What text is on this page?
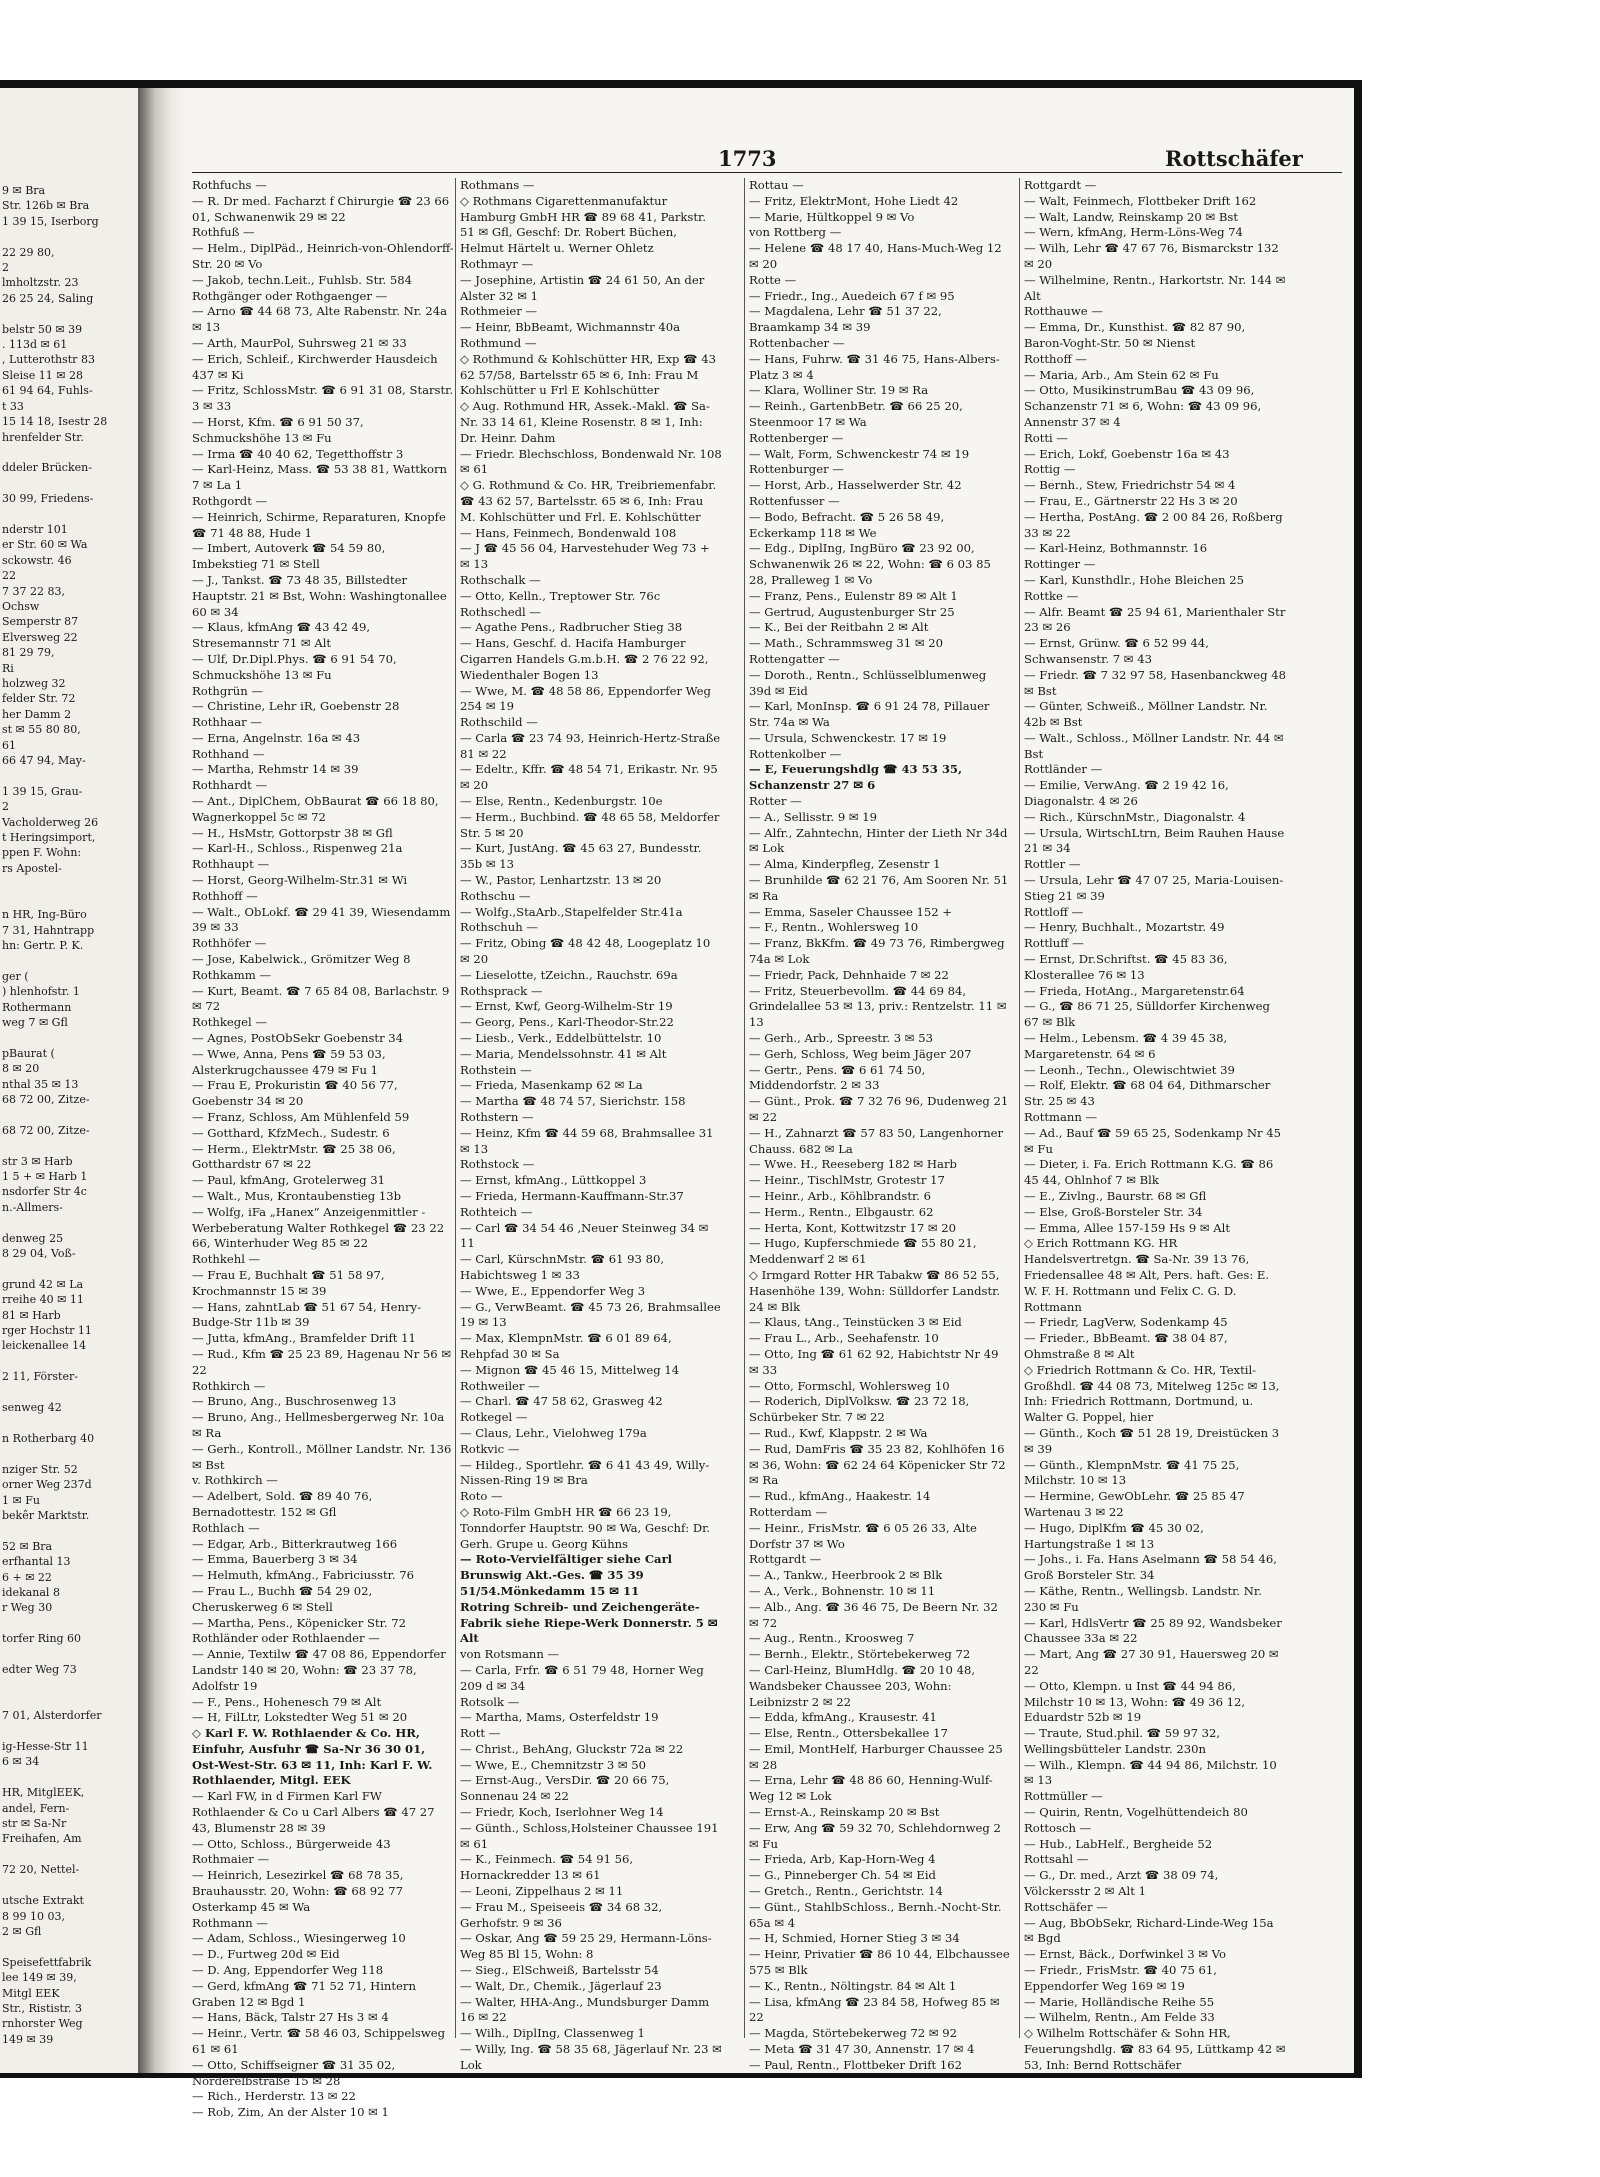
9 ✉ Bra
Str. 126b ✉ Bra
1 39 15, Iserborg

22 29 80,
2
lmholtzstr. 23
26 25 24, Saling

belstr 50 ✉ 39
. 113d ✉ 61
, Lutterothstr 83
Sleise 11 ✉ 28
61 94 64, Fuhls-
t 33
15 14 18, Isestr 28
hrenfelder Str.

ddeler Brücken-

30 99, Friedens-

nderstr 101
er Str. 60 ✉ Wa
sckowstr. 46
22
7 37 22 83,
Ochsw
Semperstr 87
Elversweg 22
81 29 79,
Ri
holzweg 32
felder Str. 72
her Damm 2
st ✉ 55 80 80,
61
66 47 94, May-

1 39 15, Grau-
2
Vacholderweg 26
t Heringsimport,
ppen F. Wohn:
rs Apostel-

n HR, Ing-Büro
7 31, Hahntrapp
hn: Gertr. P. K.

ger (
) hlenhofstr. 1
Rothermann
weg 7 ✉ Gfl

pBaurat (
8 ✉ 20
nthal 35 ✉ 13
68 72 00, Zitze-

68 72 00, Zitze-

str 3 ✉ Harb
1 5 + ✉ Harb 1
nsdorfer Str 4c
n.-Allmers-

denweg 25
8 29 04, Voß-

grund 42 ✉ La
rreihe 40 ✉ 11
81 ✉ Harb
rger Hochstr 11
leickenallee 14

2 11, Förster-

senweg 42

n Rotherbarg 40

nziger Str. 52
orner Weg 237d
1 ✉ Fu
bekêr Marktstr.

52 ✉ Bra
erfhantal 13
6 + ✉ 22
idekanal 8
r Weg 30

torfer Ring 60

edter Weg 73

7 01, Alsterdorfer

ig-Hesse-Str 11
6 ✉ 34

HR, MitglEEK,
andel, Fern-
str ✉ Sa-Nr
Freihafen, Am

72 20, Nettel-

utsche Extrakt
8 99 10 03,
2 ✉ Gfl

Speisefettfabrik
lee 149 ✉ 39,
Mitgl EEK
Str., Rististr. 3
rnhorster Weg
149 ✉ 39
1773	Rottschäfer
Rothfuchs —
— R. Dr med. Facharzt f Chirurgie ☎ 23 66 01, Schwanenwik 29 ✉ 22
Rothfuß —
— Helm., DiplPäd., Heinrich-von-Ohlendorff-Str. 20 ✉ Vo
— Jakob, techn.Leit., Fuhlsb. Str. 584
Rothgänger oder Rothgaenger —
— Arno ☎ 44 68 73, Alte Rabenstr. Nr. 24a ✉ 13
— Arth, MaurPol, Suhrsweg 21 ✉ 33
— Erich, Schleif., Kirchwerder Hausdeich 437 ✉ Ki
— Fritz, SchlossMstr. ☎ 6 91 31 08, Starstr. 3 ✉ 33
— Horst, Kfm. ☎ 6 91 50 37, Schmuckshöhe 13 ✉ Fu
— Irma ☎ 40 40 62, Tegetthoffstr 3
— Karl-Heinz, Mass. ☎ 53 38 81, Wattkorn 7 ✉ La 1
Rothgordt —
— Heinrich, Schirme, Reparaturen, Knopfe ☎ 71 48 88, Hude 1
— Imbert, Autoverk ☎ 54 59 80, Imbekstieg 71 ✉ Stell
— J., Tankst. ☎ 73 48 35, Billstedter Hauptstr. 21 ✉ Bst, Wohn: Washingtonallee 60 ✉ 34
— Klaus, kfmAng ☎ 43 42 49, Stresemannstr 71 ✉ Alt
— Ulf, Dr.Dipl.Phys. ☎ 6 91 54 70, Schmuckshöhe 13 ✉ Fu
Rothgrün —
— Christine, Lehr iR, Goebenstr 28
Rothhaar —
— Erna, Angelnstr. 16a ✉ 43
Rothhand —
— Martha, Rehmstr 14 ✉ 39
Rothhardt —
— Ant., DiplChem, ObBaurat ☎ 66 18 80, Wagnerkoppel 5c ✉ 72
— H., HsMstr, Gottorpstr 38 ✉ Gfl
— Karl-H., Schloss., Rispenweg 21a
Rothhaupt —
— Horst, Georg-Wilhelm-Str.31 ✉ Wi
Rothhoff —
— Walt., ObLokf. ☎ 29 41 39, Wiesendamm 39 ✉ 33
Rothhöfer —
— Jose, Kabelwick., Grömitzer Weg 8
Rothkamm —
— Kurt, Beamt. ☎ 7 65 84 08, Barlachstr. 9 ✉ 72
Rothkegel —
— Agnes, PostObSekr Goebenstr 34
— Wwe, Anna, Pens ☎ 59 53 03, Alsterkrugchaussee 479 ✉ Fu 1
— Frau E, Prokuristin ☎ 40 56 77, Goebenstr 34 ✉ 20
— Franz, Schloss, Am Mühlenfeld 59
— Gotthard, KfzMech., Sudestr. 6
— Herm., ElektrMstr. ☎ 25 38 06, Gotthardstr 67 ✉ 22
— Paul, kfmAng, Grotelerweg 31
— Walt., Mus, Krontaubenstieg 13b
— Wolfg, iFa „Hanex“ Anzeigenmittler - Werbeberatung Walter Rothkegel ☎ 23 22 66, Winterhuder Weg 85 ✉ 22
Rothkehl —
— Frau E, Buchhalt ☎ 51 58 97, Krochmannstr 15 ✉ 39
— Hans, zahntLab ☎ 51 67 54, Henry-Budge-Str 11b ✉ 39
— Jutta, kfmAng., Bramfelder Drift 11
— Rud., Kfm ☎ 25 23 89, Hagenau Nr 56 ✉ 22
Rothkirch —
— Bruno, Ang., Buschrosenweg 13
— Bruno, Ang., Hellmesbergerweg Nr. 10a ✉ Ra
— Gerh., Kontroll., Möllner Landstr. Nr. 136 ✉ Bst
v. Rothkirch —
— Adelbert, Sold. ☎ 89 40 76, Bernadottestr. 152 ✉ Gfl
Rothlach —
— Edgar, Arb., Bitterkrautweg 166
— Emma, Bauerberg 3 ✉ 34
— Helmuth, kfmAng., Fabriciusstr. 76
— Frau L., Buchh ☎ 54 29 02, Cheruskerweg 6 ✉ Stell
— Martha, Pens., Köpenicker Str. 72
Rothländer oder Rothlaender —
— Annie, Textilw ☎ 47 08 86, Eppendorfer Landstr 140 ✉ 20, Wohn: ☎ 23 37 78, Adolfstr 19
— F., Pens., Hohenesch 79 ✉ Alt
— H, FilLtr, Lokstedter Weg 51 ✉ 20
◇ Karl F. W. Rothlaender & Co. HR, Einfuhr, Ausfuhr ☎ Sa-Nr 36 30 01, Ost-West-Str. 63 ✉ 11, Inh: Karl F. W. Rothlaender, Mitgl. EEK
— Karl FW, in d Firmen Karl FW Rothlaender & Co u Carl Albers ☎ 47 27 43, Blumenstr 28 ✉ 39
— Otto, Schloss., Bürgerweide 43
Rothmaier —
— Heinrich, Lesezirkel ☎ 68 78 35, Brauhausstr. 20, Wohn: ☎ 68 92 77 Osterkamp 45 ✉ Wa
Rothmann —
— Adam, Schloss., Wiesingerweg 10
— D., Furtweg 20d ✉ Eid
— D. Ang, Eppendorfer Weg 118
— Gerd, kfmAng ☎ 71 52 71, Hintern Graben 12 ✉ Bgd 1
— Hans, Bäck, Talstr 27 Hs 3 ✉ 4
— Heinr., Vertr. ☎ 58 46 03, Schippelsweg 61 ✉ 61
— Otto, Schiffseigner ☎ 31 35 02, Norderelbstraße 15 ✉ 28
— Rich., Herderstr. 13 ✉ 22
— Rob, Zim, An der Alster 10 ✉ 1
Rothmans —
◇ Rothmans Cigarettenmanufaktur Hamburg GmbH HR ☎ 89 68 41, Parkstr. 51 ✉ Gfl, Geschf: Dr. Robert Büchen, Helmut Härtelt u. Werner Ohletz
Rothmayr —
— Josephine, Artistin ☎ 24 61 50, An der Alster 32 ✉ 1
Rothmeier —
— Heinr, BbBeamt, Wichmannstr 40a
Rothmund —
◇ Rothmund & Kohlschütter HR, Exp ☎ 43 62 57/58, Bartelsstr 65 ✉ 6, Inh: Frau M Kohlschütter u Frl E Kohlschütter
◇ Aug. Rothmund HR, Assek.-Makl. ☎ Sa-Nr. 33 14 61, Kleine Rosenstr. 8 ✉ 1, Inh: Dr. Heinr. Dahm
— Friedr. Blechschloss, Bondenwald Nr. 108 ✉ 61
◇ G. Rothmund & Co. HR, Treibriemenfabr. ☎ 43 62 57, Bartelsstr. 65 ✉ 6, Inh: Frau M. Kohlschütter und Frl. E. Kohlschütter
— Hans, Feinmech, Bondenwald 108
— J ☎ 45 56 04, Harvestehuder Weg 73 + ✉ 13
Rothschalk —
— Otto, Kelln., Treptower Str. 76c
Rothschedl —
— Agathe Pens., Radbrucher Stieg 38
— Hans, Geschf. d. Hacifa Hamburger Cigarren Handels G.m.b.H. ☎ 2 76 22 92, Wiedenthaler Bogen 13
— Wwe, M. ☎ 48 58 86, Eppendorfer Weg 254 ✉ 19
Rothschild —
— Carla ☎ 23 74 93, Heinrich-Hertz-Straße 81 ✉ 22
— Edeltr., Kffr. ☎ 48 54 71, Erikastr. Nr. 95 ✉ 20
— Else, Rentn., Kedenburgstr. 10e
— Herm., Buchbind. ☎ 48 65 58, Meldorfer Str. 5 ✉ 20
— Kurt, JustAng. ☎ 45 63 27, Bundesstr. 35b ✉ 13
— W., Pastor, Lenhartzstr. 13 ✉ 20
Rothschu —
— Wolfg.,StaArb.,Stapelfelder Str.41a
Rothschuh —
— Fritz, Obing ☎ 48 42 48, Loogeplatz 10 ✉ 20
— Lieselotte, tZeichn., Rauchstr. 69a
Rothsprack —
— Ernst, Kwf, Georg-Wilhelm-Str 19
— Georg, Pens., Karl-Theodor-Str.22
— Liesb., Verk., Eddelbüttelstr. 10
— Maria, Mendelssohnstr. 41 ✉ Alt
Rothstein —
— Frieda, Masenkamp 62 ✉ La
— Martha ☎ 48 74 57, Sierichstr. 158
Rothstern —
— Heinz, Kfm ☎ 44 59 68, Brahmsallee 31 ✉ 13
Rothstock —
— Ernst, kfmAng., Lüttkoppel 3
— Frieda, Hermann-Kauffmann-Str.37
Rothteich —
— Carl ☎ 34 54 46 ,Neuer Steinweg 34 ✉ 11
— Carl, KürschnMstr. ☎ 61 93 80, Habichtsweg 1 ✉ 33
— Wwe, E., Eppendorfer Weg 3
— G., VerwBeamt. ☎ 45 73 26, Brahmsallee 19 ✉ 13
— Max, KlempnMstr. ☎ 6 01 89 64, Rehpfad 30 ✉ Sa
— Mignon ☎ 45 46 15, Mittelweg 14
Rothweiler —
— Charl. ☎ 47 58 62, Grasweg 42
Rotkegel —
— Claus, Lehr., Vielohweg 179a
Rotkvic —
— Hildeg., Sportlehr. ☎ 6 41 43 49, Willy-Nissen-Ring 19 ✉ Bra
Roto —
◇ Roto-Film GmbH HR ☎ 66 23 19, Tonndorfer Hauptstr. 90 ✉ Wa, Geschf: Dr. Gerh. Grupe u. Georg Kühns
— Roto-Vervielfältiger siehe Carl Brunswig Akt.-Ges. ☎ 35 39 51/54.Mönkedamm 15 ✉ 11
Rotring Schreib- und Zeichengeräte-Fabrik siehe Riepe-Werk Donnerstr. 5 ✉ Alt
von Rotsmann —
— Carla, Frfr. ☎ 6 51 79 48, Horner Weg 209 d ✉ 34
Rotsolk —
— Martha, Mams, Osterfeldstr 19
Rott —
— Christ., BehAng, Gluckstr 72a ✉ 22
— Wwe, E., Chemnitzstr 3 ✉ 50
— Ernst-Aug., VersDir. ☎ 20 66 75, Sonnenau 24 ✉ 22
— Friedr, Koch, Iserlohner Weg 14
— Günth., Schloss,Holsteiner Chaussee 191 ✉ 61
— K., Feinmech. ☎ 54 91 56, Hornackredder 13 ✉ 61
— Leoni, Zippelhaus 2 ✉ 11
— Frau M., Speiseeis ☎ 34 68 32, Gerhofstr. 9 ✉ 36
— Oskar, Ang ☎ 59 25 29, Hermann-Löns-Weg 85 Bl 15, Wohn: 8
— Sieg., ElSchweiß, Bartelsstr 54
— Walt, Dr., Chemik., Jägerlauf 23
— Walter, HHA-Ang., Mundsburger Damm 16 ✉ 22
— Wilh., DiplIng, Classenweg 1
— Willy, Ing. ☎ 58 35 68, Jägerlauf Nr. 23 ✉ Lok
Rottau —
— Fritz, ElektrMont, Hohe Liedt 42
— Marie, Hültkoppel 9 ✉ Vo
von Rottberg —
— Helene ☎ 48 17 40, Hans-Much-Weg 12 ✉ 20
Rotte —
— Friedr., Ing., Auedeich 67 f ✉ 95
— Magdalena, Lehr ☎ 51 37 22, Braamkamp 34 ✉ 39
Rottenbacher —
— Hans, Fuhrw. ☎ 31 46 75, Hans-Albers-Platz 3 ✉ 4
— Klara, Wolliner Str. 19 ✉ Ra
— Reinh., GartenbBetr. ☎ 66 25 20, Steenmoor 17 ✉ Wa
Rottenberger —
— Walt, Form, Schwenckestr 74 ✉ 19
Rottenburger —
— Horst, Arb., Hasselwerder Str. 42
Rottenfusser —
— Bodo, Befracht. ☎ 5 26 58 49, Eckerkamp 118 ✉ We
— Edg., DiplIng, IngBüro ☎ 23 92 00, Schwanenwik 26 ✉ 22, Wohn: ☎ 6 03 85 28, Pralleweg 1 ✉ Vo
— Franz, Pens., Eulenstr 89 ✉ Alt 1
— Gertrud, Augustenburger Str 25
— K., Bei der Reitbahn 2 ✉ Alt
— Math., Schrammsweg 31 ✉ 20
Rottengatter —
— Doroth., Rentn., Schlüsselblumenweg 39d ✉ Eid
— Karl, MonInsp. ☎ 6 91 24 78, Pillauer Str. 74a ✉ Wa
— Ursula, Schwenckestr. 17 ✉ 19
Rottenkolber —
— E, Feuerungshdlg ☎ 43 53 35, Schanzenstr 27 ✉ 6
Rotter —
— A., Sellisstr. 9 ✉ 19
— Alfr., Zahntechn, Hinter der Lieth Nr 34d ✉ Lok
— Alma, Kinderpfleg, Zesenstr 1
— Brunhilde ☎ 62 21 76, Am Sooren Nr. 51 ✉ Ra
— Emma, Saseler Chaussee 152 +
— F., Rentn., Wohlersweg 10
— Franz, BkKfm. ☎ 49 73 76, Rimbergweg 74a ✉ Lok
— Friedr, Pack, Dehnhaide 7 ✉ 22
— Fritz, Steuerbevollm. ☎ 44 69 84, Grindelallee 53 ✉ 13, priv.: Rentzelstr. 11 ✉ 13
— Gerh., Arb., Spreestr. 3 ✉ 53
— Gerh, Schloss, Weg beim Jäger 207
— Gertr., Pens. ☎ 6 61 74 50, Middendorfstr. 2 ✉ 33
— Günt., Prok. ☎ 7 32 76 96, Dudenweg 21 ✉ 22
— H., Zahnarzt ☎ 57 83 50, Langenhorner Chauss. 682 ✉ La
— Wwe. H., Reeseberg 182 ✉ Harb
— Heinr., TischlMstr, Grotestr 17
— Heinr., Arb., Köhlbrandstr. 6
— Herm., Rentn., Elbgaustr. 62
— Herta, Kont, Kottwitzstr 17 ✉ 20
— Hugo, Kupferschmiede ☎ 55 80 21, Meddenwarf 2 ✉ 61
◇ Irmgard Rotter HR Tabakw ☎ 86 52 55, Hasenhöhe 139, Wohn: Sülldorfer Landstr. 24 ✉ Blk
— Klaus, tAng., Teinstücken 3 ✉ Eid
— Frau L., Arb., Seehafenstr. 10
— Otto, Ing ☎ 61 62 92, Habichtstr Nr 49 ✉ 33
— Otto, Formschl, Wohlersweg 10
— Roderich, DiplVolksw. ☎ 23 72 18, Schürbeker Str. 7 ✉ 22
— Rud., Kwf, Klappstr. 2 ✉ Wa
— Rud, DamFris ☎ 35 23 82, Kohlhöfen 16 ✉ 36, Wohn: ☎ 62 24 64 Köpenicker Str 72 ✉ Ra
— Rud., kfmAng., Haakestr. 14
Rotterdam —
— Heinr., FrisMstr. ☎ 6 05 26 33, Alte Dorfstr 37 ✉ Wo
Rottgardt —
— A., Tankw., Heerbrook 2 ✉ Blk
— A., Verk., Bohnenstr. 10 ✉ 11
— Alb., Ang. ☎ 36 46 75, De Beern Nr. 32 ✉ 72
— Aug., Rentn., Kroosweg 7
— Bernh., Elektr., Störtebekerweg 72
— Carl-Heinz, BlumHdlg. ☎ 20 10 48, Wandsbeker Chaussee 203, Wohn: Leibnizstr 2 ✉ 22
— Edda, kfmAng., Krausestr. 41
— Else, Rentn., Ottersbekallee 17
— Emil, MontHelf, Harburger Chaussee 25 ✉ 28
— Erna, Lehr ☎ 48 86 60, Henning-Wulf-Weg 12 ✉ Lok
— Ernst-A., Reinskamp 20 ✉ Bst
— Erw, Ang ☎ 59 32 70, Schlehdornweg 2 ✉ Fu
— Frieda, Arb, Kap-Horn-Weg 4
— G., Pinneberger Ch. 54 ✉ Eid
— Gretch., Rentn., Gerichtstr. 14
— Günt., StahlbSchloss., Bernh.-Nocht-Str. 65a ✉ 4
— H, Schmied, Horner Stieg 3 ✉ 34
— Heinr, Privatier ☎ 86 10 44, Elbchaussee 575 ✉ Blk
— K., Rentn., Nöltingstr. 84 ✉ Alt 1
— Lisa, kfmAng ☎ 23 84 58, Hofweg 85 ✉ 22
— Magda, Störtebekerweg 72 ✉ 92
— Meta ☎ 31 47 30, Annenstr. 17 ✉ 4
— Paul, Rentn., Flottbeker Drift 162
Rottgardt —
— Walt, Feinmech, Flottbeker Drift 162
— Walt, Landw, Reinskamp 20 ✉ Bst
— Wern, kfmAng, Herm-Löns-Weg 74
— Wilh, Lehr ☎ 47 67 76, Bismarckstr 132 ✉ 20
— Wilhelmine, Rentn., Harkortstr. Nr. 144 ✉ Alt
Rotthauwe —
— Emma, Dr., Kunsthist. ☎ 82 87 90, Baron-Voght-Str. 50 ✉ Nienst
Rotthoff —
— Maria, Arb., Am Stein 62 ✉ Fu
— Otto, MusikinstrumBau ☎ 43 09 96, Schanzenstr 71 ✉ 6, Wohn: ☎ 43 09 96, Annenstr 37 ✉ 4
Rotti —
— Erich, Lokf, Goebenstr 16a ✉ 43
Rottig —
— Bernh., Stew, Friedrichstr 54 ✉ 4
— Frau, E., Gärtnerstr 22 Hs 3 ✉ 20
— Hertha, PostAng. ☎ 2 00 84 26, Roßberg 33 ✉ 22
— Karl-Heinz, Bothmannstr. 16
Rottinger —
— Karl, Kunsthdlr., Hohe Bleichen 25
Rottke —
— Alfr. Beamt ☎ 25 94 61, Marienthaler Str 23 ✉ 26
— Ernst, Grünw. ☎ 6 52 99 44, Schwansenstr. 7 ✉ 43
— Friedr. ☎ 7 32 97 58, Hasenbanckweg 48 ✉ Bst
— Günter, Schweiß., Möllner Landstr. Nr. 42b ✉ Bst
— Walt., Schloss., Möllner Landstr. Nr. 44 ✉ Bst
Rottländer —
— Emilie, VerwAng. ☎ 2 19 42 16, Diagonalstr. 4 ✉ 26
— Rich., KürschnMstr., Diagonalstr. 4
— Ursula, WirtschLtrn, Beim Rauhen Hause 21 ✉ 34
Rottler —
— Ursula, Lehr ☎ 47 07 25, Maria-Louisen-Stieg 21 ✉ 39
Rottloff —
— Henry, Buchhalt., Mozartstr. 49
Rottluff —
— Ernst, Dr.Schriftst. ☎ 45 83 36, Klosterallee 76 ✉ 13
— Frieda, HotAng., Margaretenstr.64
— G., ☎ 86 71 25, Sülldorfer Kirchenweg 67 ✉ Blk
— Helm., Lebensm. ☎ 4 39 45 38, Margaretenstr. 64 ✉ 6
— Leonh., Techn., Olewischtwiet 39
— Rolf, Elektr. ☎ 68 04 64, Dithmarscher Str. 25 ✉ 43
Rottmann —
— Ad., Bauf ☎ 59 65 25, Sodenkamp Nr 45 ✉ Fu
— Dieter, i. Fa. Erich Rottmann K.G. ☎ 86 45 44, Ohlnhof 7 ✉ Blk
— E., Zivlng., Baurstr. 68 ✉ Gfl
— Else, Groß-Borsteler Str. 34
— Emma, Allee 157-159 Hs 9 ✉ Alt
◇ Erich Rottmann KG. HR Handelsvertretgn. ☎ Sa-Nr. 39 13 76, Friedensallee 48 ✉ Alt, Pers. haft. Ges: E. W. F. H. Rottmann und Felix C. G. D. Rottmann
— Friedr, LagVerw, Sodenkamp 45
— Frieder., BbBeamt. ☎ 38 04 87, Ohmstraße 8 ✉ Alt
◇ Friedrich Rottmann & Co. HR, Textil-Großhdl. ☎ 44 08 73, Mitelweg 125c ✉ 13, Inh: Friedrich Rottmann, Dortmund, u. Walter G. Poppel, hier
— Günth., Koch ☎ 51 28 19, Dreistücken 3 ✉ 39
— Günth., KlempnMstr. ☎ 41 75 25, Milchstr. 10 ✉ 13
— Hermine, GewObLehr. ☎ 25 85 47 Wartenau 3 ✉ 22
— Hugo, DiplKfm ☎ 45 30 02, Hartungstraße 1 ✉ 13
— Johs., i. Fa. Hans Aselmann ☎ 58 54 46, Groß Borsteler Str. 34
— Käthe, Rentn., Wellingsb. Landstr. Nr. 230 ✉ Fu
— Karl, HdlsVertr ☎ 25 89 92, Wandsbeker Chaussee 33a ✉ 22
— Mart, Ang ☎ 27 30 91, Hauersweg 20 ✉ 22
— Otto, Klempn. u Inst ☎ 44 94 86, Milchstr 10 ✉ 13, Wohn: ☎ 49 36 12, Eduardstr 52b ✉ 19
— Traute, Stud.phil. ☎ 59 97 32, Wellingsbütteler Landstr. 230n
— Wilh., Klempn. ☎ 44 94 86, Milchstr. 10 ✉ 13
Rottmüller —
— Quirin, Rentn, Vogelhüttendeich 80
Rottosch —
— Hub., LabHelf., Bergheide 52
Rottsahl —
— G., Dr. med., Arzt ☎ 38 09 74, Völckersstr 2 ✉ Alt 1
Rottschäfer —
— Aug, BbObSekr, Richard-Linde-Weg 15a ✉ Bgd
— Ernst, Bäck., Dorfwinkel 3 ✉ Vo
— Friedr., FrisMstr. ☎ 40 75 61, Eppendorfer Weg 169 ✉ 19
— Marie, Holländische Reihe 55
— Wilhelm, Rentn., Am Felde 33
◇ Wilhelm Rottschäfer & Sohn HR, Feuerungshdlg. ☎ 83 64 95, Lüttkamp 42 ✉ 53, Inh: Bernd Rottschäfer
